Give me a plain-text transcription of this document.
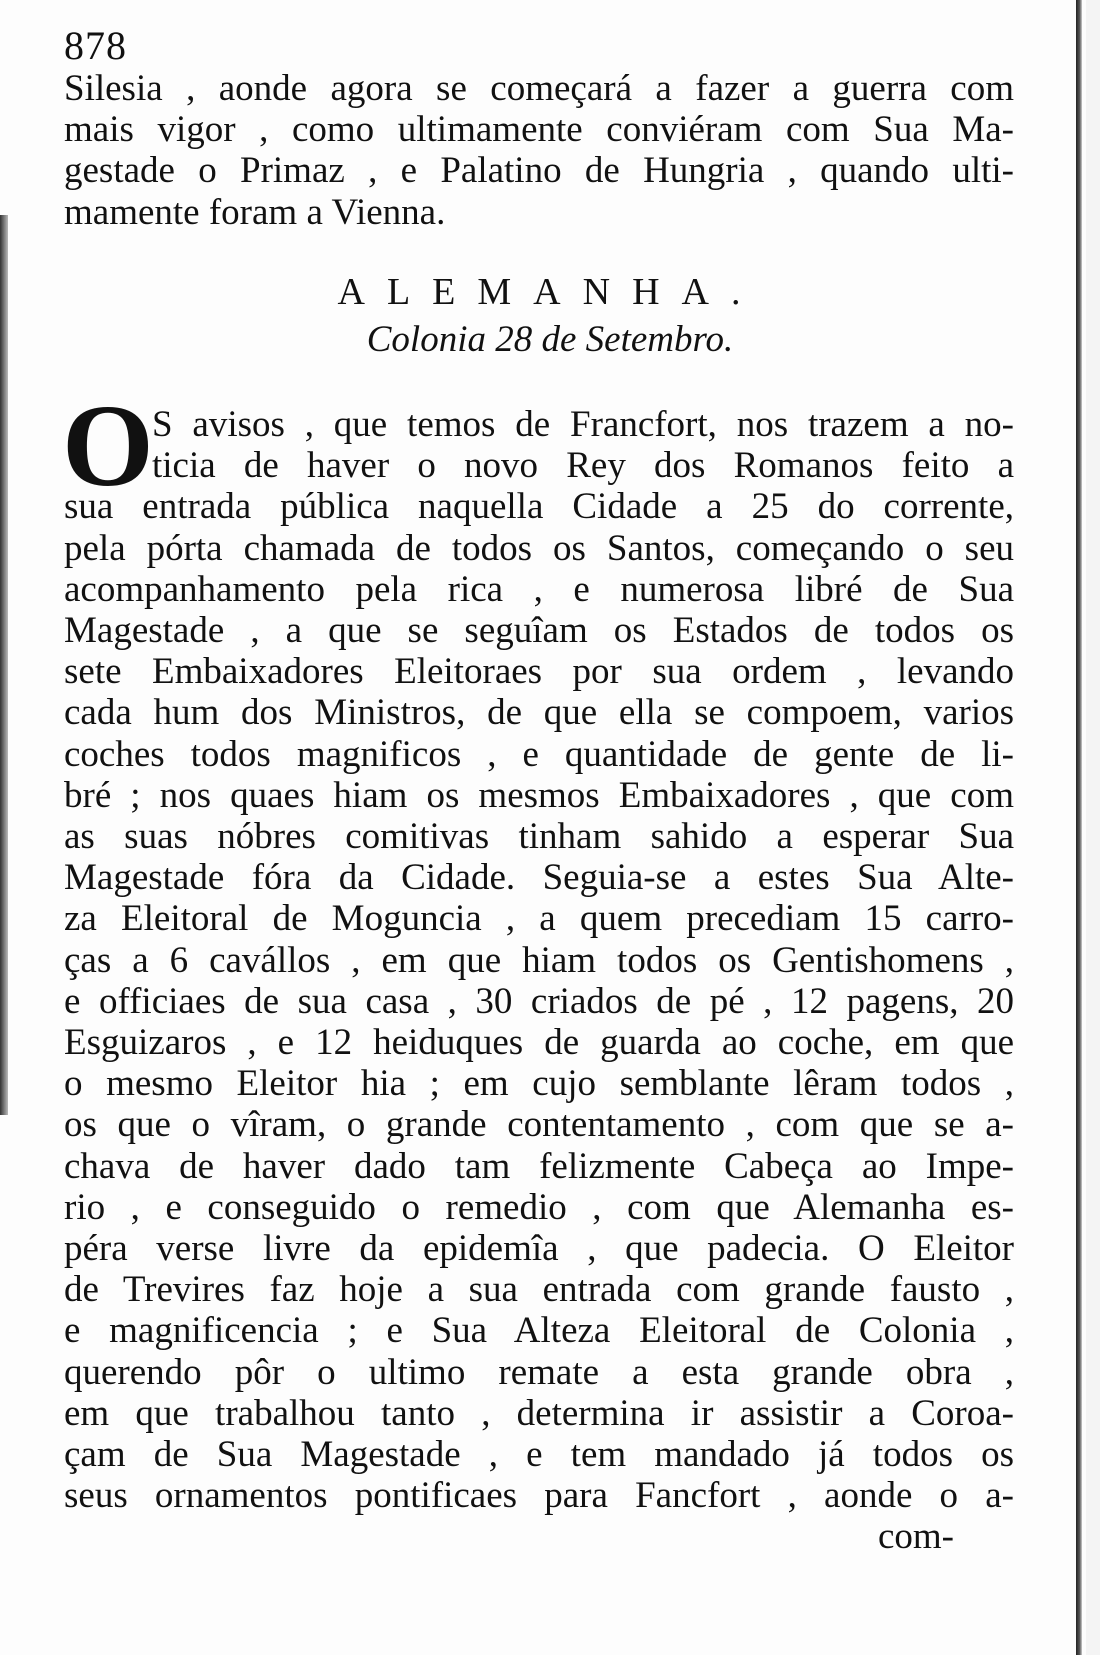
878
Silesia , aonde agora se começará a fazer a guerra com
mais vigor , como ultimamente conviéram com Sua Ma-
gestade o Primaz , e Palatino de Hungria , quando ulti-
mamente foram a Vienna.
ALEMANHA.
Colonia 28 de Setembro.
O
S avisos , que temos de Francfort, nos trazem a no-
ticia de haver o novo Rey dos Romanos feito a
sua entrada pública naquella Cidade a 25 do corrente,
pela pórta chamada de todos os Santos, começando o seu
acompanhamento pela rica , e numerosa libré de Sua
Magestade , a que se seguîam os Estados de todos os
sete Embaixadores Eleitoraes por sua ordem , levando
cada hum dos Ministros, de que ella se compoem, varios
coches todos magnificos , e quantidade de gente de li-
bré ; nos quaes hiam os mesmos Embaixadores , que com
as suas nóbres comitivas tinham sahido a esperar Sua
Magestade fóra da Cidade. Seguia-se a estes Sua Alte-
za Eleitoral de Moguncia , a quem precediam 15 carro-
ças a 6 cavállos , em que hiam todos os Gentishomens ,
e officiaes de sua casa , 30 criados de pé , 12 pagens, 20
Esguizaros , e 12 heiduques de guarda ao coche, em que
o mesmo Eleitor hia ; em cujo semblante lêram todos ,
os que o vîram, o grande contentamento , com que se a-
chava de haver dado tam felizmente Cabeça ao Impe-
rio , e conseguido o remedio , com que Alemanha es-
péra verse livre da epidemîa , que padecia. O Eleitor
de Trevires faz hoje a sua entrada com grande fausto ,
e magnificencia ; e Sua Alteza Eleitoral de Colonia ,
querendo pôr o ultimo remate a esta grande obra ,
em que trabalhou tanto , determina ir assistir a Coroa-
çam de Sua Magestade , e tem mandado já todos os
seus ornamentos pontificaes para Fancfort , aonde o a-
com-
